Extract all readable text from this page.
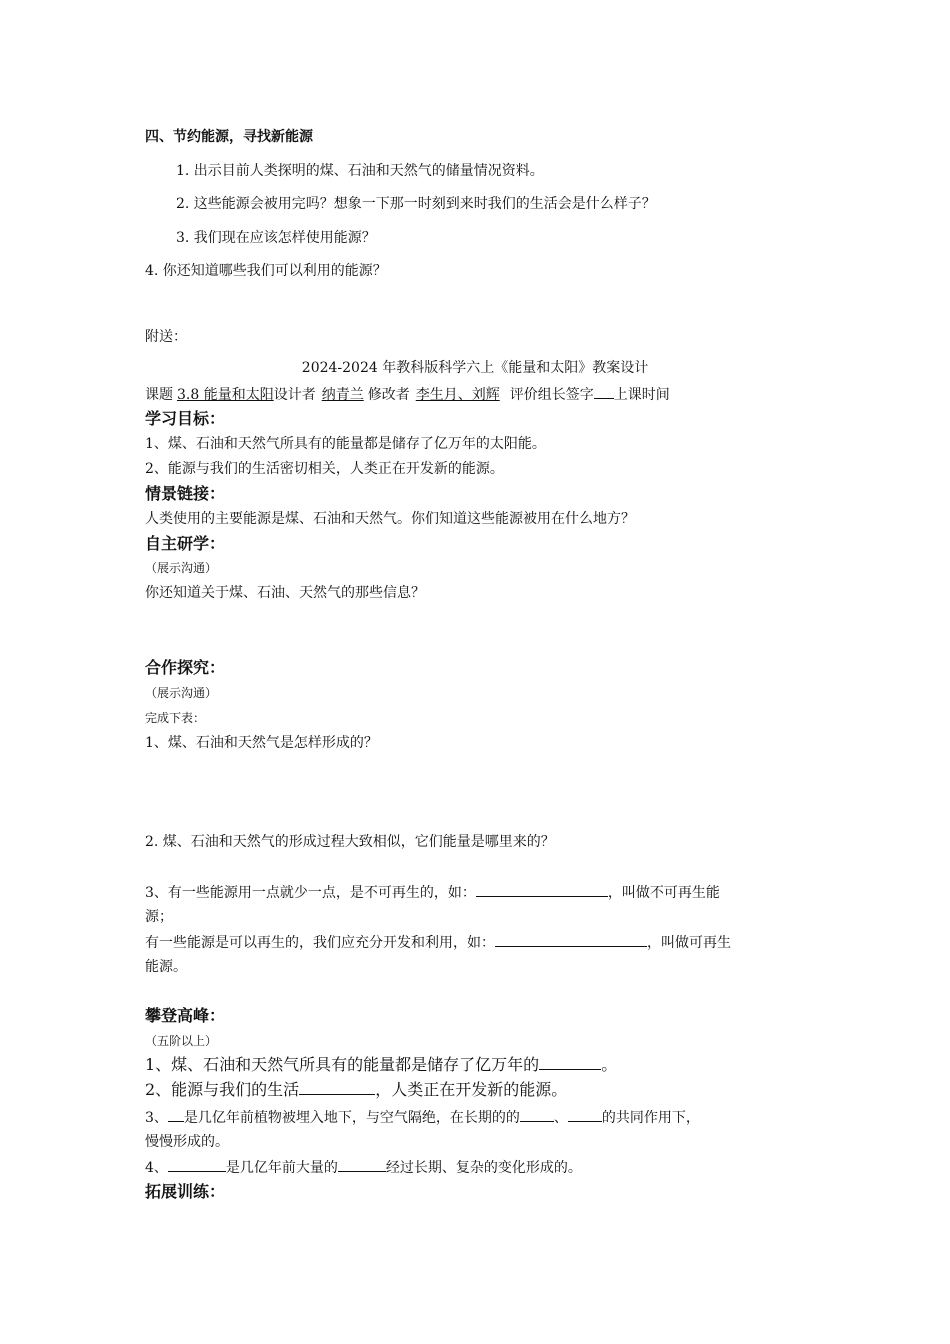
四、节约能源，寻找新能源
1. 出示目前人类探明的煤、石油和天然气的储量情况资料。
2. 这些能源会被用完吗？想象一下那一时刻到来时我们的生活会是什么样子？
3. 我们现在应该怎样使用能源？
4. 你还知道哪些我们可以利用的能源？
附送：
2024-2024 年教科版科学六上《能量和太阳》教案设计
课题 3.8 能量和太阳设计者 纳青兰 修改者 李生月、刘辉 评价组长签字 上课时间
学习目标：
1、煤、石油和天然气所具有的能量都是储存了亿万年的太阳能。
2、能源与我们的生活密切相关，人类正在开发新的能源。
情景链接：
人类使用的主要能源是煤、石油和天然气。你们知道这些能源被用在什么地方？
自主研学：
（展示沟通）
你还知道关于煤、石油、天然气的那些信息？
合作探究：
（展示沟通）
完成下表：
1、煤、石油和天然气是怎样形成的？
2. 煤、石油和天然气的形成过程大致相似，它们能量是哪里来的？
3、有一些能源用一点就少一点，是不可再生的，如：	，叫做不可再生能
源；
有一些能源是可以再生的，我们应充分开发和利用，如：	，叫做可再生
能源。
攀登高峰：
（五阶以上）
1、煤、石油和天然气所具有的能量都是储存了亿万年的	。
2、能源与我们的生活	，人类正在开发新的能源。
3、 是几亿年前植物被埋入地下，与空气隔绝，在长期的的 、 的共同作用下，
慢慢形成的。
4、	是几亿年前大量的	经过长期、复杂的变化形成的。
拓展训练：
